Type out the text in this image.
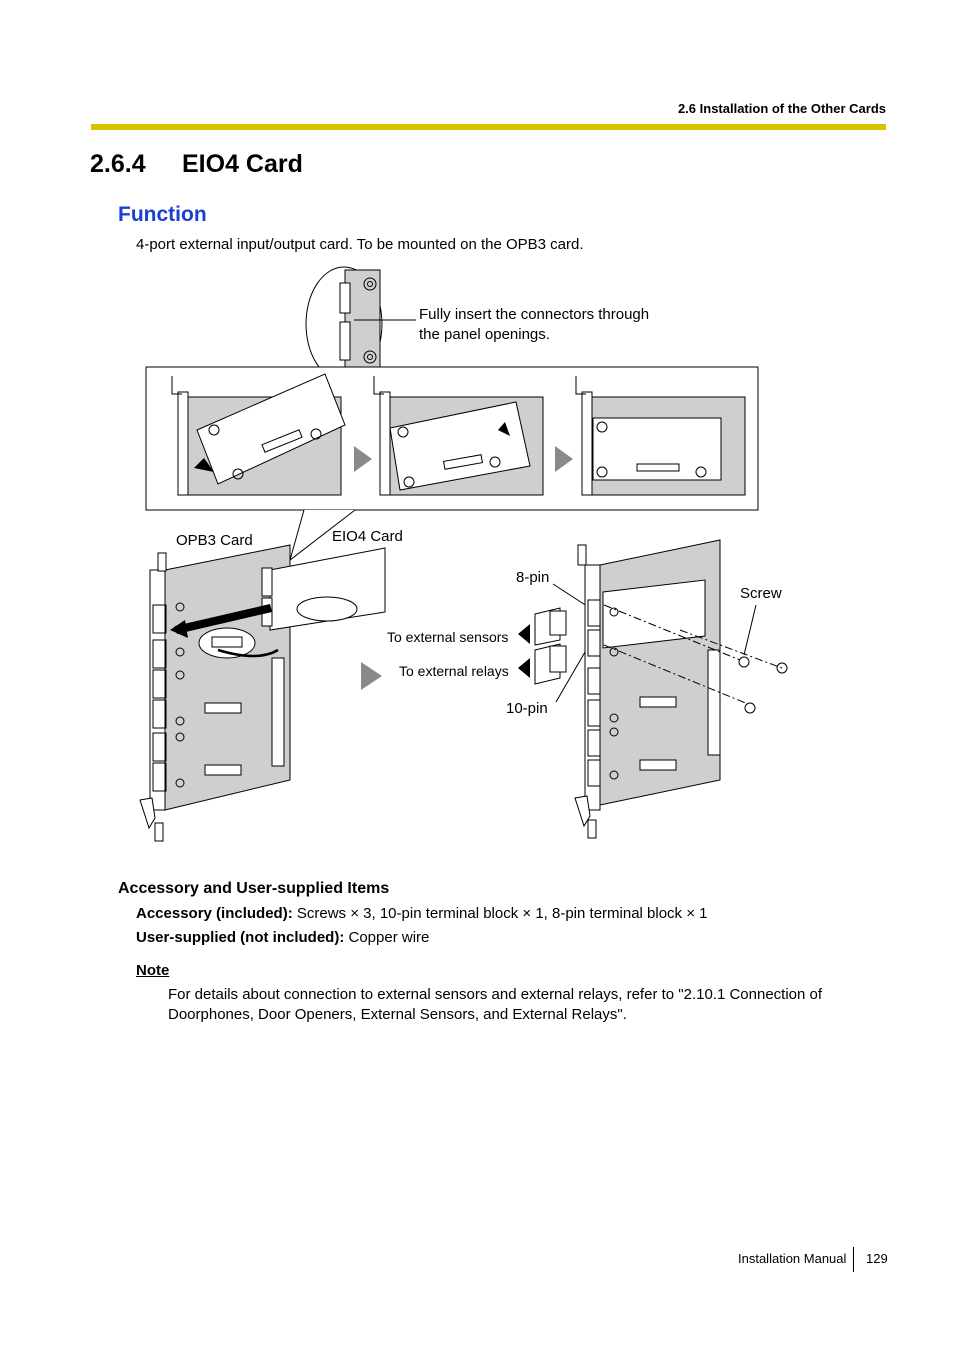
2.6 Installation of the Other Cards
2.6.4 EIO4 Card
Function
4-port external input/output card. To be mounted on the OPB3 card.
Fully insert the connectors through
the panel openings.
OPB3 Card	EIO4 Card
8-pin
Screw
To external sensors
To external relays
10-pin
Accessory and User-supplied Items
Accessory (included): Screws × 3, 10-pin terminal block × 1, 8-pin terminal block × 1
User-supplied (not included): Copper wire
Note
For details about connection to external sensors and external relays, refer to "2.10.1 Connection of Doorphones, Door Openers, External Sensors, and External Relays".
Installation Manual 129
